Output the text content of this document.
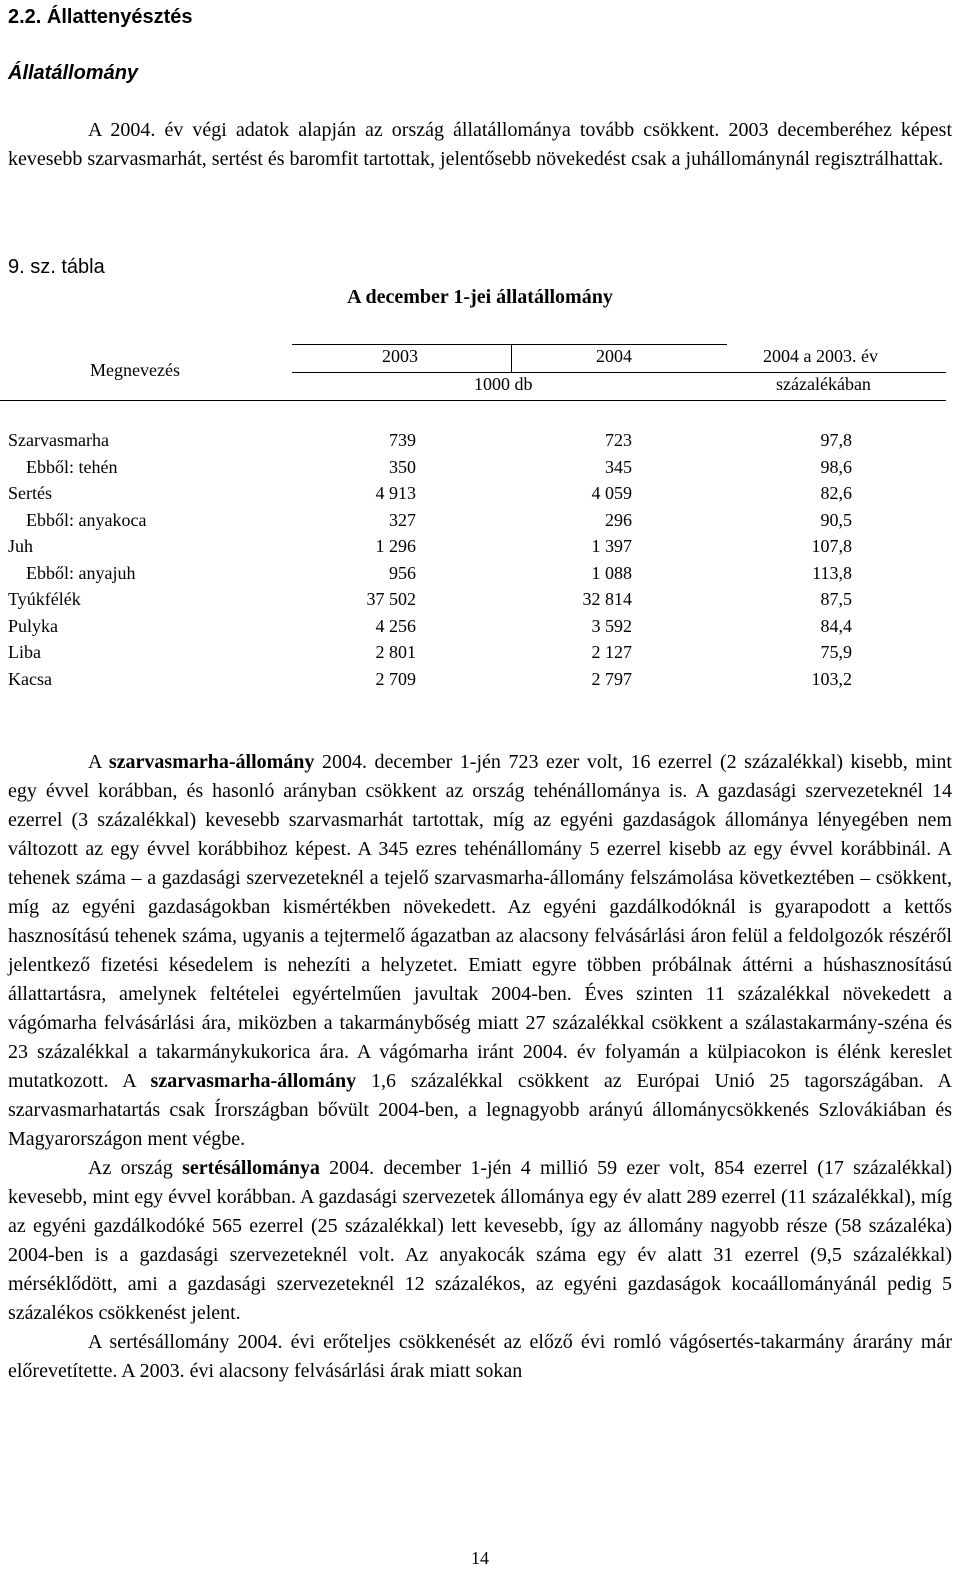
2.2. Állattenyésztés
Állatállomány

A 2004. év végi adatok alapján az ország állatállománya tovább csökkent. 2003 decemberéhez képest kevesebb szarvasmarhát, sertést és baromfit tartottak, jelentősebb növekedést csak a juhállománynál regisztrálhattak.

9. sz. tábla
A december 1-jei állatállomány
Megnevezés
2003	2004
1000 db
2004 a 2003. év
százalékában
Szarvasmarha	739	723	97,8
Ebből: tehén	350	345	98,6
Sertés	4 913	4 059	82,6
Ebből: anyakoca	327	296	90,5
Juh	1 296	1 397	107,8
Ebből: anyajuh	956	1 088	113,8
Tyúkfélék	37 502	32 814	87,5
Pulyka	4 256	3 592	84,4
Liba	2 801	2 127	75,9
Kacsa	2 709	2 797	103,2

A szarvasmarha-állomány 2004. december 1-jén 723 ezer volt, 16 ezerrel (2 százalékkal) kisebb, mint egy évvel korábban, és hasonló arányban csökkent az ország tehénállománya is. A gazdasági szervezeteknél 14 ezerrel (3 százalékkal) kevesebb szarvasmarhát tartottak, míg az egyéni gazdaságok állománya lényegében nem változott az egy évvel korábbihoz képest. A 345 ezres tehénállomány 5 ezerrel kisebb az egy évvel korábbinál. A tehenek száma – a gazdasági szervezeteknél a tejelő szarvasmarha-állomány felszámolása következtében – csökkent, míg az egyéni gazdaságokban kismértékben növekedett. Az egyéni gazdálkodóknál is gyarapodott a kettős hasznosítású tehenek száma, ugyanis a tejtermelő ágazatban az alacsony felvásárlási áron felül a feldolgozók részéről jelentkező fizetési késedelem is nehezíti a helyzetet. Emiatt egyre többen próbálnak áttérni a húshasznosítású állattartásra, amelynek feltételei egyértelműen javultak 2004-ben. Éves szinten 11 százalékkal növekedett a vágómarha felvásárlási ára, miközben a takarmánybőség miatt 27 százalékkal csökkent a szálastakarmány-széna és 23 százalékkal a takarmánykukorica ára. A vágómarha iránt 2004. év folyamán a külpiacokon is élénk kereslet mutatkozott. A szarvasmarha-állomány 1,6 százalékkal csökkent az Európai Unió 25 tagországában. A szarvasmarhatartás csak Írországban bővült 2004-ben, a legnagyobb arányú állománycsökkenés Szlovákiában és Magyarországon ment végbe.
Az ország sertésállománya 2004. december 1-jén 4 millió 59 ezer volt, 854 ezerrel (17 százalékkal) kevesebb, mint egy évvel korábban. A gazdasági szervezetek állománya egy év alatt 289 ezerrel (11 százalékkal), míg az egyéni gazdálkodóké 565 ezerrel (25 százalékkal) lett kevesebb, így az állomány nagyobb része (58 százaléka) 2004-ben is a gazdasági szervezeteknél volt. Az anyakocák száma egy év alatt 31 ezerrel (9,5 százalékkal) mérséklődött, ami a gazdasági szervezeteknél 12 százalékos, az egyéni gazdaságok kocaállományánál pedig 5 százalékos csökkenést jelent.
A sertésállomány 2004. évi erőteljes csökkenését az előző évi romló vágósertés-takarmány árarány már előrevetítette. A 2003. évi alacsony felvásárlási árak miatt sokan

14
